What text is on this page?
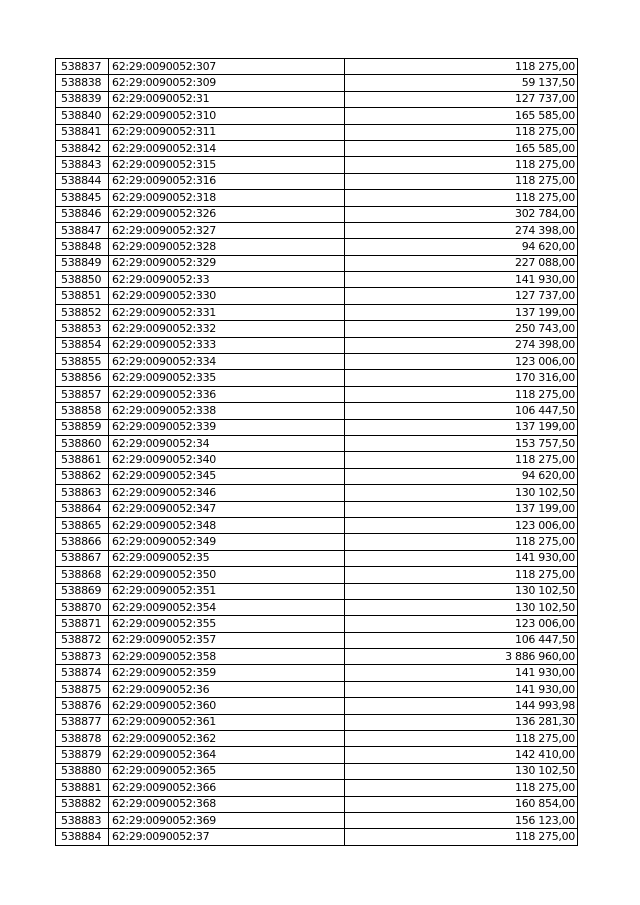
538837	62:29:0090052:307	118 275,00
538838	62:29:0090052:309	59 137,50
538839	62:29:0090052:31	127 737,00
538840	62:29:0090052:310	165 585,00
538841	62:29:0090052:311	118 275,00
538842	62:29:0090052:314	165 585,00
538843	62:29:0090052:315	118 275,00
538844	62:29:0090052:316	118 275,00
538845	62:29:0090052:318	118 275,00
538846	62:29:0090052:326	302 784,00
538847	62:29:0090052:327	274 398,00
538848	62:29:0090052:328	94 620,00
538849	62:29:0090052:329	227 088,00
538850	62:29:0090052:33	141 930,00
538851	62:29:0090052:330	127 737,00
538852	62:29:0090052:331	137 199,00
538853	62:29:0090052:332	250 743,00
538854	62:29:0090052:333	274 398,00
538855	62:29:0090052:334	123 006,00
538856	62:29:0090052:335	170 316,00
538857	62:29:0090052:336	118 275,00
538858	62:29:0090052:338	106 447,50
538859	62:29:0090052:339	137 199,00
538860	62:29:0090052:34	153 757,50
538861	62:29:0090052:340	118 275,00
538862	62:29:0090052:345	94 620,00
538863	62:29:0090052:346	130 102,50
538864	62:29:0090052:347	137 199,00
538865	62:29:0090052:348	123 006,00
538866	62:29:0090052:349	118 275,00
538867	62:29:0090052:35	141 930,00
538868	62:29:0090052:350	118 275,00
538869	62:29:0090052:351	130 102,50
538870	62:29:0090052:354	130 102,50
538871	62:29:0090052:355	123 006,00
538872	62:29:0090052:357	106 447,50
538873	62:29:0090052:358	3 886 960,00
538874	62:29:0090052:359	141 930,00
538875	62:29:0090052:36	141 930,00
538876	62:29:0090052:360	144 993,98
538877	62:29:0090052:361	136 281,30
538878	62:29:0090052:362	118 275,00
538879	62:29:0090052:364	142 410,00
538880	62:29:0090052:365	130 102,50
538881	62:29:0090052:366	118 275,00
538882	62:29:0090052:368	160 854,00
538883	62:29:0090052:369	156 123,00
538884	62:29:0090052:37	118 275,00
